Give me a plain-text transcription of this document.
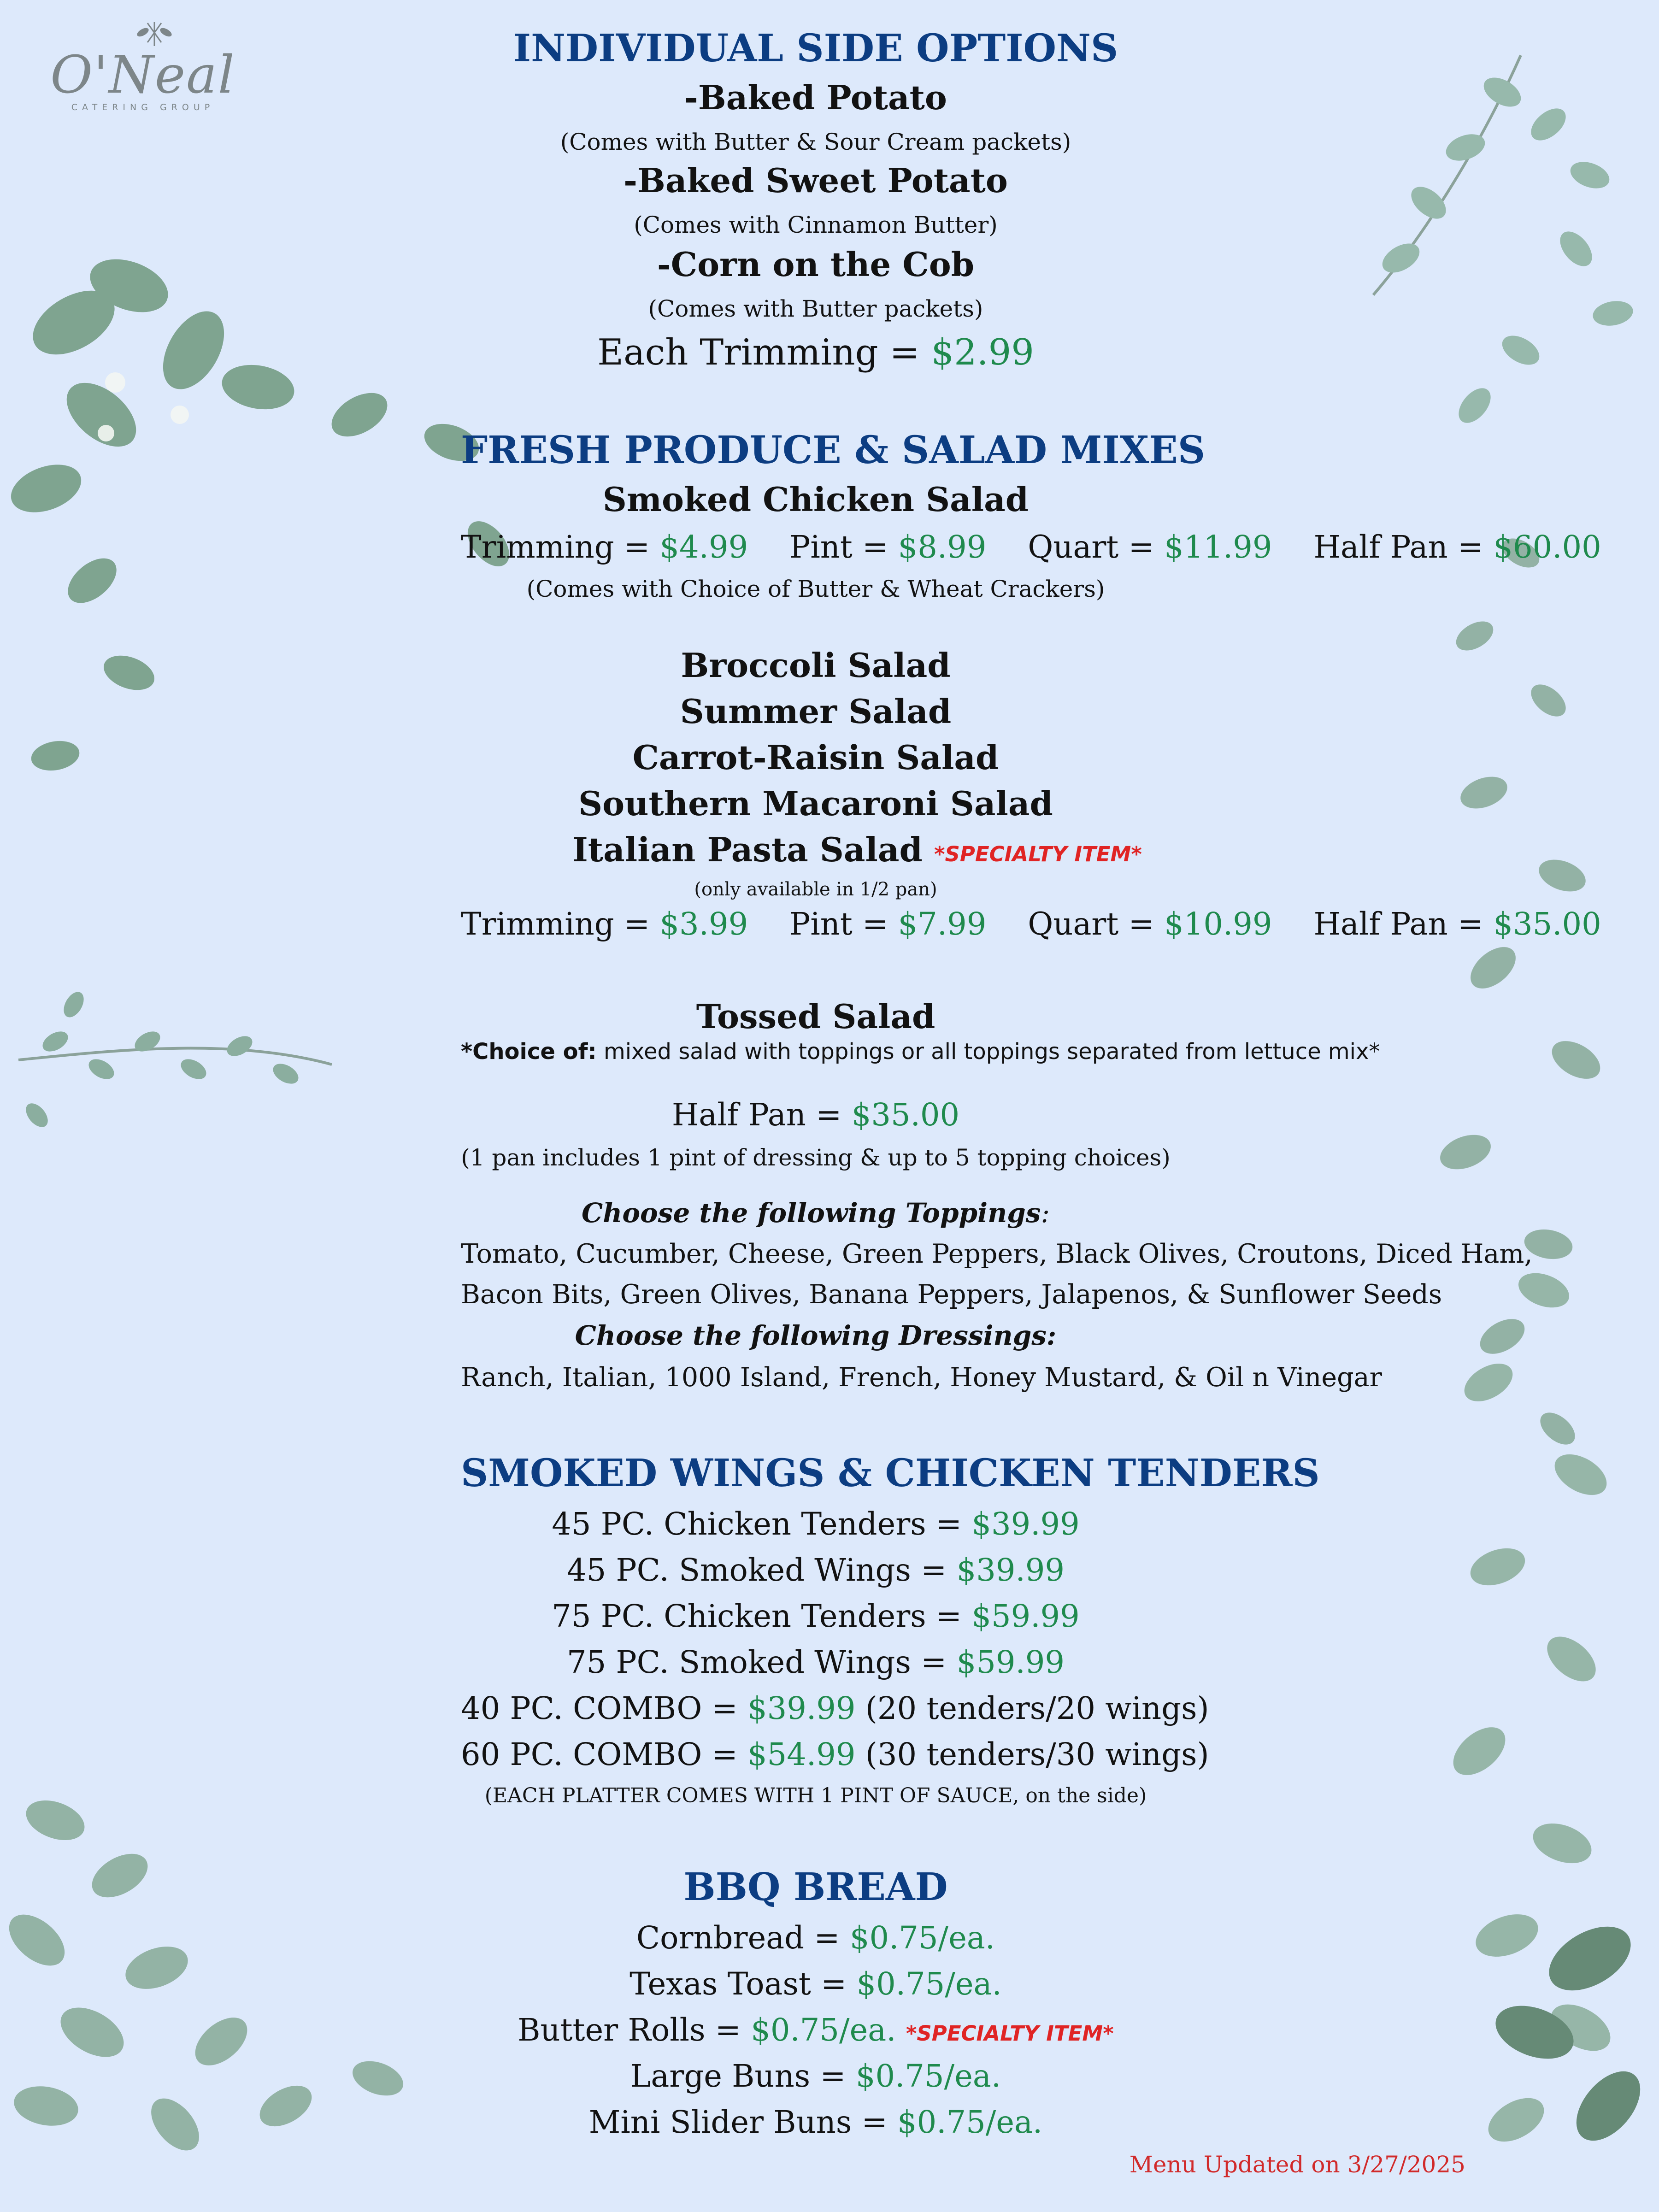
O'Neal
CATERING GROUP
INDIVIDUAL SIDE OPTIONS
-Baked Potato
(Comes with Butter & Sour Cream packets)
-Baked Sweet Potato
(Comes with Cinnamon Butter)
-Corn on the Cob
(Comes with Butter packets)
Each Trimming = $2.99
FRESH PRODUCE & SALAD MIXES
Smoked Chicken Salad
Trimming = $4.99 Pint = $8.99 Quart = $11.99 Half Pan = $60.00
(Comes with Choice of Butter & Wheat Crackers)
Broccoli Salad
Summer Salad
Carrot-Raisin Salad
Southern Macaroni Salad
Italian Pasta Salad *SPECIALTY ITEM*
(only available in 1/2 pan)
Trimming = $3.99 Pint = $7.99 Quart = $10.99 Half Pan = $35.00
Tossed Salad
*Choice of: mixed salad with toppings or all toppings separated from lettuce mix*
Half Pan = $35.00
(1 pan includes 1 pint of dressing & up to 5 topping choices)
Choose the following Toppings:
Tomato, Cucumber, Cheese, Green Peppers, Black Olives, Croutons, Diced Ham,
Bacon Bits, Green Olives, Banana Peppers, Jalapenos, & Sunflower Seeds
Choose the following Dressings:
Ranch, Italian, 1000 Island, French, Honey Mustard, & Oil n Vinegar
SMOKED WINGS & CHICKEN TENDERS
45 PC. Chicken Tenders = $39.99
45 PC. Smoked Wings = $39.99
75 PC. Chicken Tenders = $59.99
75 PC. Smoked Wings = $59.99
40 PC. COMBO = $39.99 (20 tenders/20 wings)
60 PC. COMBO = $54.99 (30 tenders/30 wings)
(EACH PLATTER COMES WITH 1 PINT OF SAUCE, on the side)
BBQ BREAD
Cornbread = $0.75/ea.
Texas Toast = $0.75/ea.
Butter Rolls = $0.75/ea. *SPECIALTY ITEM*
Large Buns = $0.75/ea.
Mini Slider Buns = $0.75/ea.
Menu Updated on 3/27/2025
